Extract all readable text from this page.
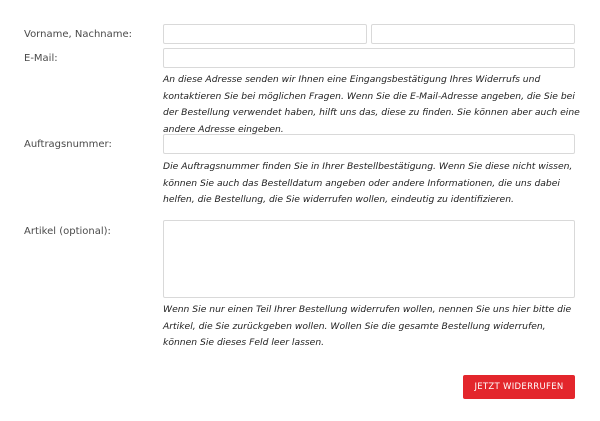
Vorname, Nachname:
E-Mail:

An diese Adresse senden wir Ihnen eine Eingangsbestätigung Ihres Widerrufs und kontaktieren Sie bei möglichen Fragen. Wenn Sie die E-Mail-Adresse angeben, die Sie bei der Bestellung verwendet haben, hilft uns das, diese zu finden. Sie können aber auch eine andere Adresse eingeben.

Auftragsnummer:

Die Auftragsnummer finden Sie in Ihrer Bestellbestätigung. Wenn Sie diese nicht wissen, können Sie auch das Bestelldatum angeben oder andere Informationen, die uns dabei helfen, die Bestellung, die Sie widerrufen wollen, eindeutig zu identifizieren.

Artikel (optional):

Wenn Sie nur einen Teil Ihrer Bestellung widerrufen wollen, nennen Sie uns hier bitte die Artikel, die Sie zurückgeben wollen. Wollen Sie die gesamte Bestellung widerrufen, können Sie dieses Feld leer lassen.

JETZT WIDERRUFEN
